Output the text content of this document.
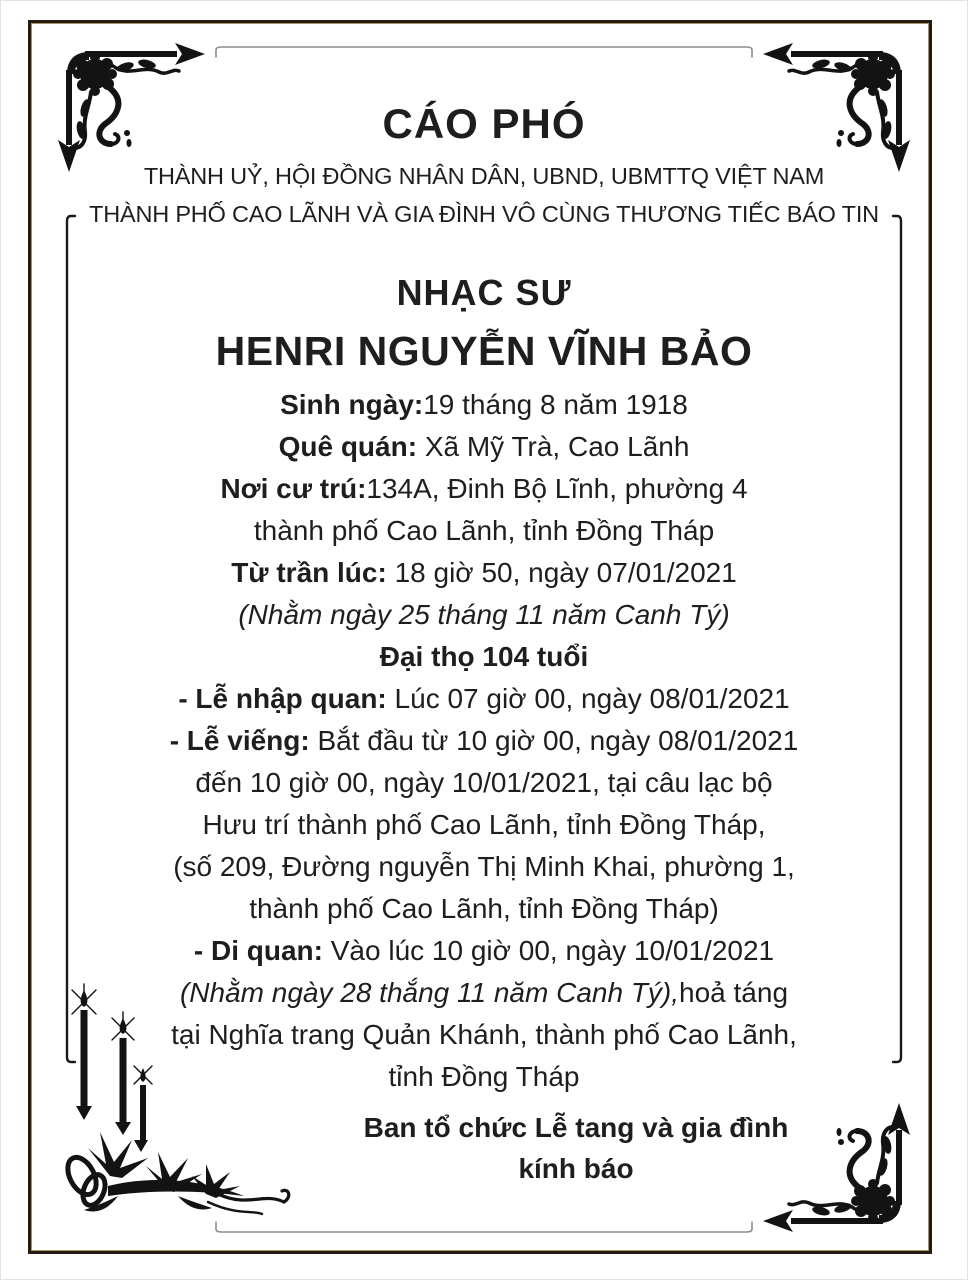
CÁO PHÓ
THÀNH UỶ, HỘI ĐỒNG NHÂN DÂN, UBND, UBMTTQ VIỆT NAM
THÀNH PHỐ CAO LÃNH VÀ GIA ĐÌNH VÔ CÙNG THƯƠNG TIẾC BÁO TIN
NHẠC SƯ
HENRI NGUYỄN VĨNH BẢO
Sinh ngày:19 tháng 8 năm 1918
Quê quán: Xã Mỹ Trà, Cao Lãnh
Nơi cư trú:134A, Đinh Bộ Lĩnh, phường 4
thành phố Cao Lãnh, tỉnh Đồng Tháp
Từ trần lúc: 18 giờ 50, ngày 07/01/2021
(Nhằm ngày 25 tháng 11 năm Canh Tý)
Đại thọ 104 tuổi
- Lễ nhập quan: Lúc 07 giờ 00, ngày 08/01/2021
- Lễ viếng: Bắt đầu từ 10 giờ 00, ngày 08/01/2021
đến 10 giờ 00, ngày 10/01/2021, tại câu lạc bộ
Hưu trí thành phố Cao Lãnh, tỉnh Đồng Tháp,
(số 209, Đường nguyễn Thị Minh Khai, phường 1,
thành phố Cao Lãnh, tỉnh Đồng Tháp)
- Di quan: Vào lúc 10 giờ 00, ngày 10/01/2021
(Nhằm ngày 28 thắng 11 năm Canh Tý),hoả táng
tại Nghĩa trang Quản Khánh, thành phố Cao Lãnh,
tỉnh Đồng Tháp
Ban tổ chức Lễ tang và gia đình
kính báo
